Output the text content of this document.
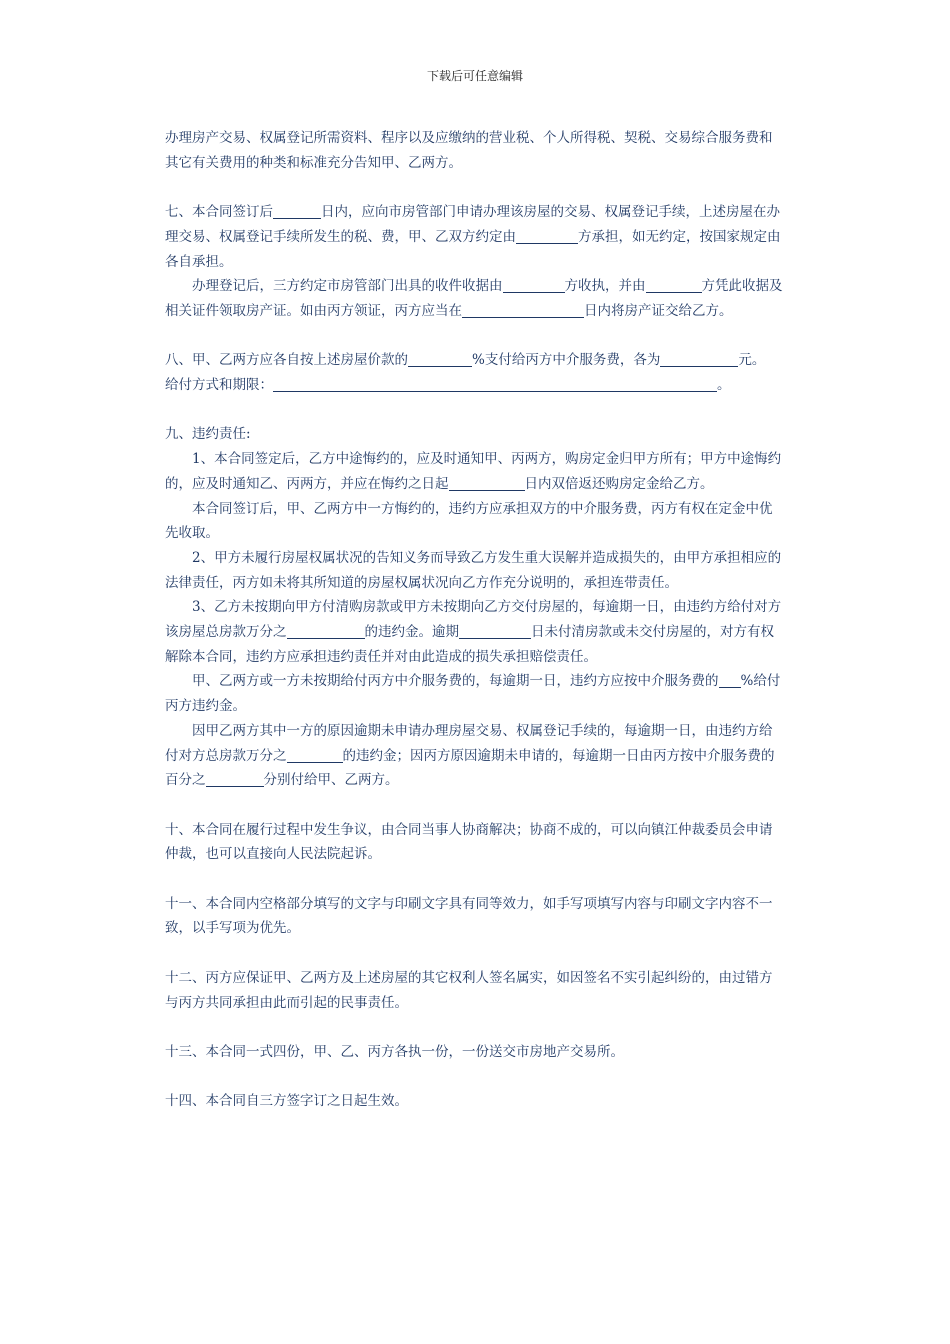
下载后可任意编辑

办理房产交易、权属登记所需资料、程序以及应缴纳的营业税、个人所得税、契税、交易综合服务费和其它有关费用的种类和标准充分告知甲、乙两方。

七、本合同签订后	日内，应向市房管部门申请办理该房屋的交易、权属登记手续，上述房屋在办理交易、权属登记手续所发生的税、费，甲、乙双方约定由	方承担，如无约定，按国家规定由各自承担。

办理登记后，三方约定市房管部门出具的收件收据由	方收执，并由	方凭此收据及相关证件领取房产证。如由丙方领证，丙方应当在	日内将房产证交给乙方。

八、甲、乙两方应各自按上述房屋价款的	%支付给丙方中介服务费，各为	元。

给付方式和期限：	。

九、违约责任:

1、本合同签定后，乙方中途悔约的，应及时通知甲、丙两方，购房定金归甲方所有；甲方中途悔约的，应及时通知乙、丙两方，并应在悔约之日起	日内双倍返还购房定金给乙方。

本合同签订后，甲、乙两方中一方悔约的，违约方应承担双方的中介服务费，丙方有权在定金中优先收取。

2、甲方未履行房屋权属状况的告知义务而导致乙方发生重大误解并造成损失的，由甲方承担相应的法律责任，丙方如未将其所知道的房屋权属状况向乙方作充分说明的，承担连带责任。

3、乙方未按期向甲方付清购房款或甲方未按期向乙方交付房屋的，每逾期一日，由违约方给付对方该房屋总房款万分之	的违约金。逾期	日未付清房款或未交付房屋的，对方有权解除本合同，违约方应承担违约责任并对由此造成的损失承担赔偿责任。

甲、乙两方或一方未按期给付丙方中介服务费的，每逾期一日，违约方应按中介服务费的 %给付丙方违约金。

因甲乙两方其中一方的原因逾期未申请办理房屋交易、权属登记手续的，每逾期一日，由违约方给付对方总房款万分之	的违约金；因丙方原因逾期未申请的，每逾期一日由丙方按中介服务费的百分之	分别付给甲、乙两方。

十、本合同在履行过程中发生争议，由合同当事人协商解决；协商不成的，可以向镇江仲裁委员会申请仲裁，也可以直接向人民法院起诉。

十一、本合同内空格部分填写的文字与印刷文字具有同等效力，如手写项填写内容与印刷文字内容不一致，以手写项为优先。

十二、丙方应保证甲、乙两方及上述房屋的其它权利人签名属实，如因签名不实引起纠纷的，由过错方与丙方共同承担由此而引起的民事责任。

十三、本合同一式四份，甲、乙、丙方各执一份，一份送交市房地产交易所。

十四、本合同自三方签字订之日起生效。
